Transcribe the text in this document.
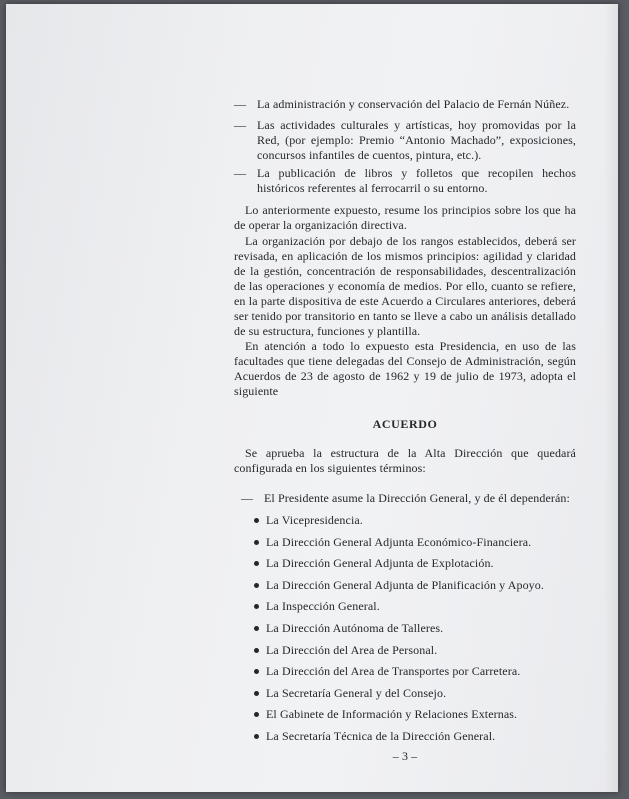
— La administración y conservación del Palacio de Fernán Núñez.
— Las actividades culturales y artísticas, hoy promovidas por la Red, (por ejemplo: Premio “Antonio Machado”, exposiciones, concursos infantiles de cuentos, pintura, etc.).
— La publicación de libros y folletos que recopilen hechos históricos referentes al ferrocarril o su entorno.
Lo anteriormente expuesto, resume los principios sobre los que ha de operar la organización directiva.
La organización por debajo de los rangos establecidos, deberá ser revisada, en aplicación de los mismos principios: agilidad y claridad de la gestión, concentración de responsabilidades, descentralización de las operaciones y economía de medios. Por ello, cuanto se refiere, en la parte dispositiva de este Acuerdo a Circulares anteriores, deberá ser tenido por transitorio en tanto se lleve a cabo un análisis detallado de su estructura, funciones y plantilla.
En atención a todo lo expuesto esta Presidencia, en uso de las facultades que tiene delegadas del Consejo de Administración, según Acuerdos de 23 de agosto de 1962 y 19 de julio de 1973, adopta el siguiente
ACUERDO
Se aprueba la estructura de la Alta Dirección que quedará configurada en los siguientes términos:
— El Presidente asume la Dirección General, y de él dependerán:
La Vicepresidencia.
La Dirección General Adjunta Económico-Financiera.
La Dirección General Adjunta de Explotación.
La Dirección General Adjunta de Planificación y Apoyo.
La Inspección General.
La Dirección Autónoma de Talleres.
La Dirección del Area de Personal.
La Dirección del Area de Transportes por Carretera.
La Secretaría General y del Consejo.
El Gabinete de Información y Relaciones Externas.
La Secretaría Técnica de la Dirección General.
– 3 –
